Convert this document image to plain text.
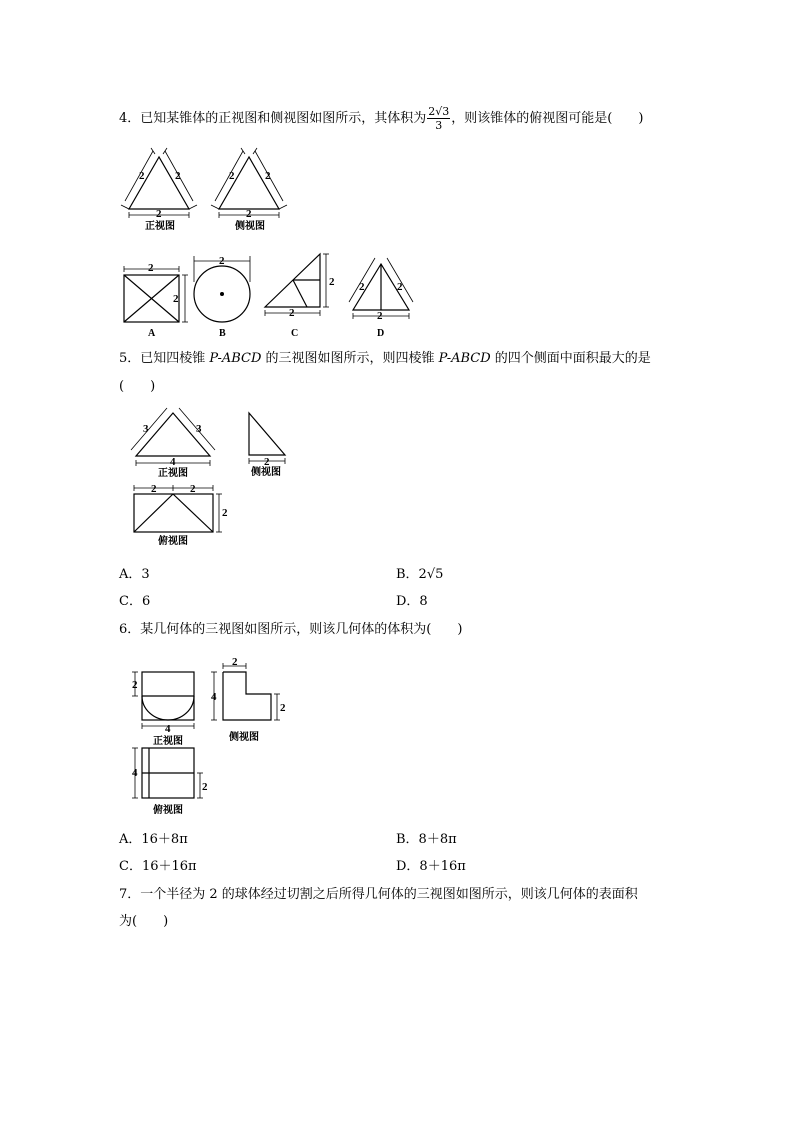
4．已知某锥体的正视图和侧视图如图所示，其体积为 $\frac{2√3}{3}$ ，则该锥体的俯视图可能是(　　)
2	2
2
2	2
2
正视图	侧视图
2
2
2
2
2 2	2
2
A	B	C	D
5．已知四棱锥 P-ABCD 的三视图如图所示，则四棱锥 P-ABCD 的四个侧面中面积最大的是
(　　)
3	3
4	2
2	2
2
正视图	侧视图
俯视图
A．3	B．2√5
C．6	D．8
6．某几何体的三视图如图所示，则该几何体的体积为(　　)
2
4
2
4
2
4
2
正视图	侧视图
俯视图
A．16＋8π	B．8＋8π
C．16＋16π	D．8＋16π
7．一个半径为 2 的球体经过切割之后所得几何体的三视图如图所示，则该几何体的表面积
为(　　)
